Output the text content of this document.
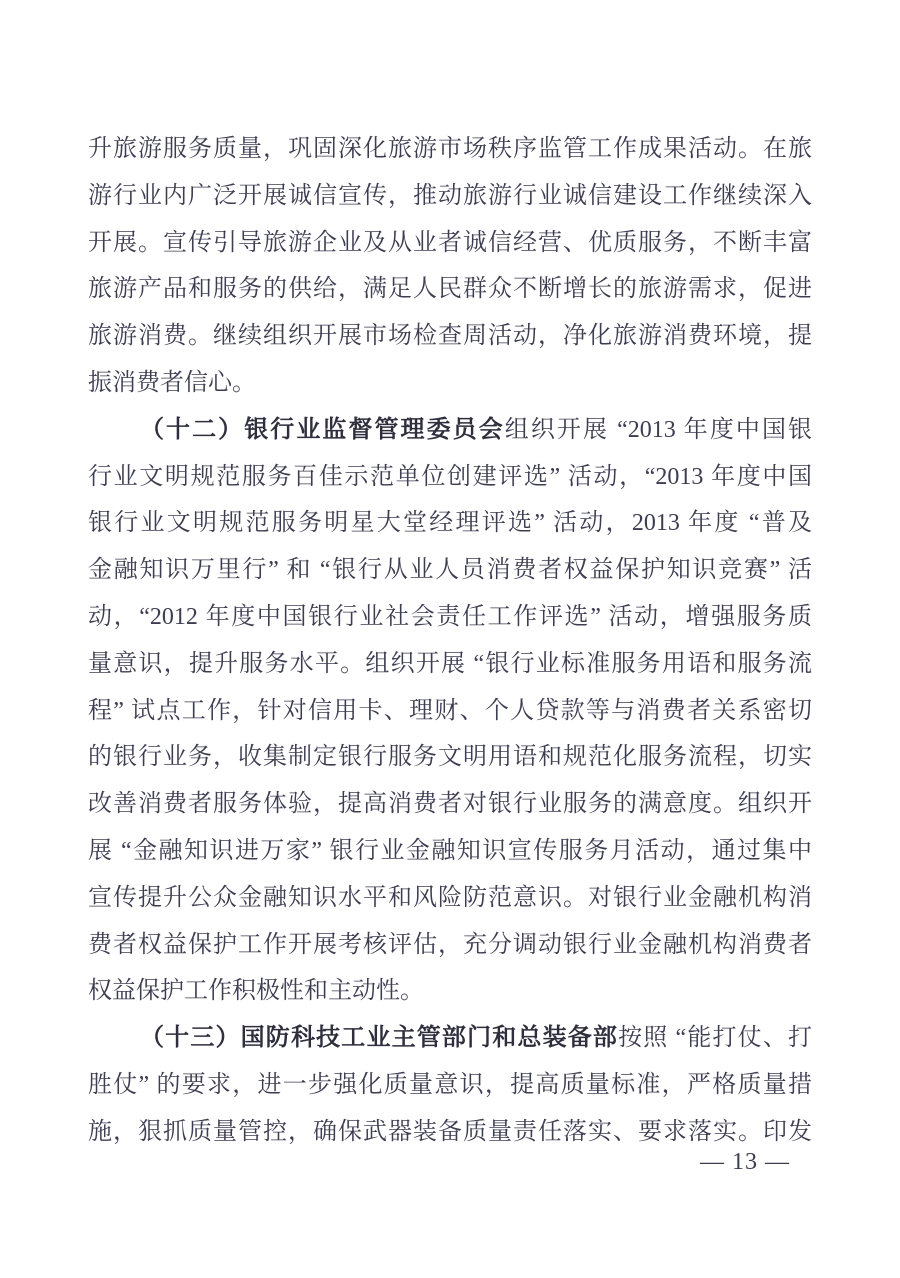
升旅游服务质量，巩固深化旅游市场秩序监管工作成果活动。在旅
游行业内广泛开展诚信宣传，推动旅游行业诚信建设工作继续深入
开展。宣传引导旅游企业及从业者诚信经营、优质服务，不断丰富
旅游产品和服务的供给，满足人民群众不断增长的旅游需求，促进
旅游消费。继续组织开展市场检查周活动，净化旅游消费环境，提
振消费者信心。
（十二）银行业监督管理委员会组织开展 “2013 年度中国银
行业文明规范服务百佳示范单位创建评选” 活动，“2013 年度中国
银行业文明规范服务明星大堂经理评选” 活动，2013 年度 “普及
金融知识万里行” 和 “银行从业人员消费者权益保护知识竞赛” 活
动，“2012 年度中国银行业社会责任工作评选” 活动，增强服务质
量意识，提升服务水平。组织开展 “银行业标准服务用语和服务流
程” 试点工作，针对信用卡、理财、个人贷款等与消费者关系密切
的银行业务，收集制定银行服务文明用语和规范化服务流程，切实
改善消费者服务体验，提高消费者对银行业服务的满意度。组织开
展 “金融知识进万家” 银行业金融知识宣传服务月活动，通过集中
宣传提升公众金融知识水平和风险防范意识。对银行业金融机构消
费者权益保护工作开展考核评估，充分调动银行业金融机构消费者
权益保护工作积极性和主动性。
（十三）国防科技工业主管部门和总装备部按照 “能打仗、打
胜仗” 的要求，进一步强化质量意识，提高质量标准，严格质量措
施，狠抓质量管控，确保武器装备质量责任落实、要求落实。印发
— 13 —
